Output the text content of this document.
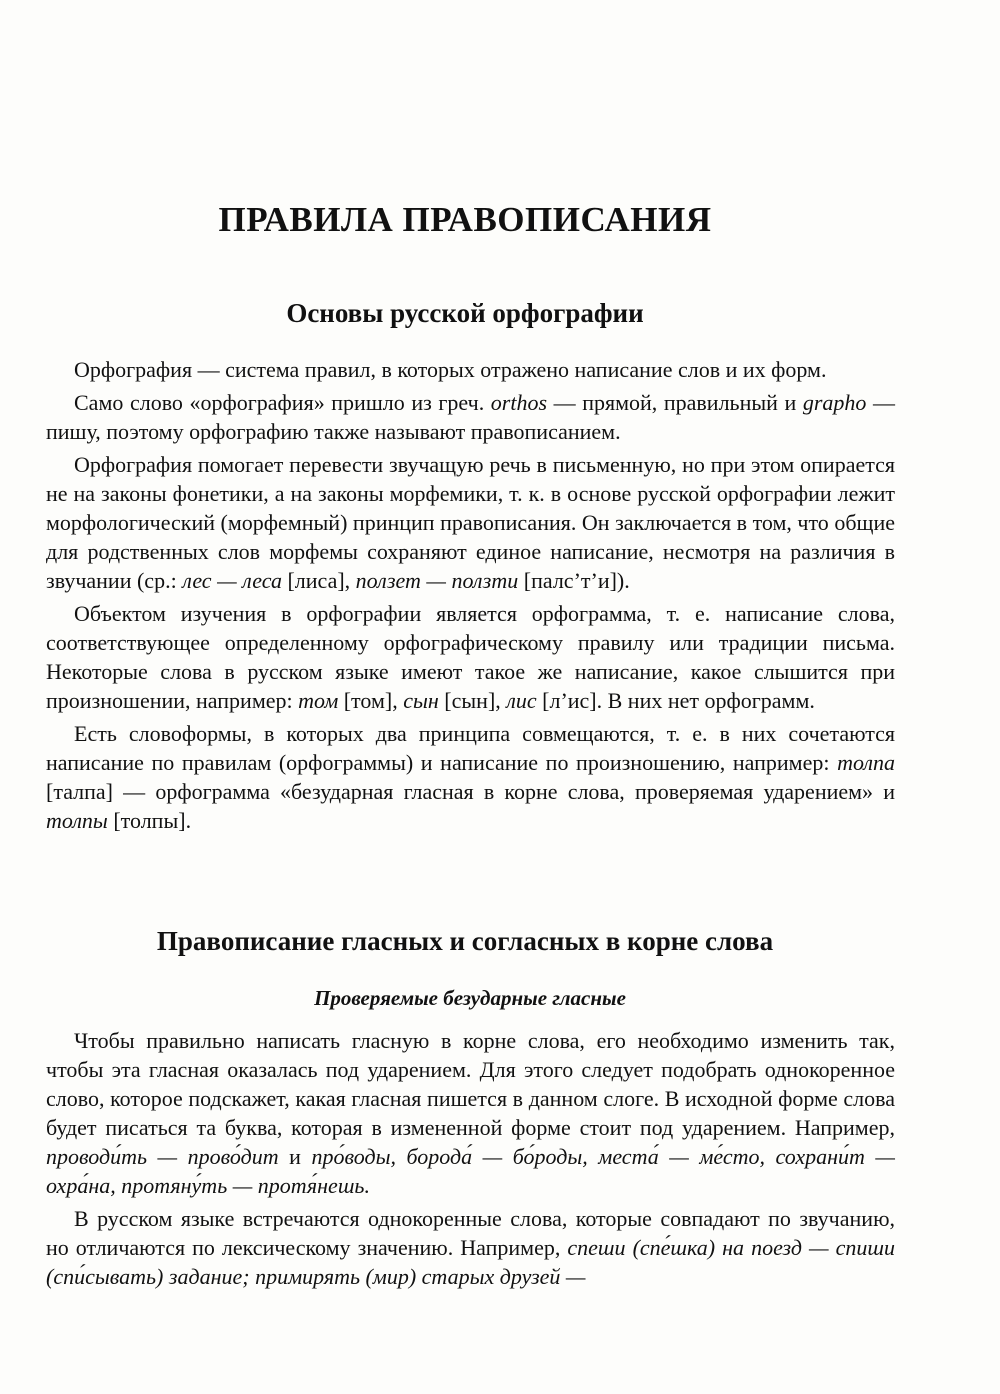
ПРАВИЛА ПРАВОПИСАНИЯ
Основы русской орфографии

Орфография — система правил, в которых отражено написание слов и их форм.

Само слово «орфография» пришло из греч. orthos — прямой, правильный и grapho — пишу, поэтому орфографию также называют правописанием.

Орфография помогает перевести звучащую речь в письменную, но при этом опирается не на законы фонетики, а на законы морфемики, т. к. в основе русской орфографии лежит морфологический (морфемный) принцип правописания. Он заключается в том, что общие для родственных слов морфемы сохраняют единое написание, несмотря на различия в звучании (ср.: лес — леса [лиса], ползет — ползти [палс’т’и]).

Объектом изучения в орфографии является орфограмма, т. е. написание слова, соответствующее определенному орфографическому правилу или традиции письма. Некоторые слова в русском языке имеют такое же написание, какое слышится при произношении, например: том [том], сын [сын], лис [л’ис]. В них нет орфограмм.

Есть словоформы, в которых два принципа совмещаются, т. е. в них сочетаются написание по правилам (орфограммы) и написание по произношению, например: толпа [талпа] — орфограмма «безударная гласная в корне слова, проверяемая ударением» и толпы [толпы].

Правописание гласных и согласных в корне слова
Проверяемые безударные гласные

Чтобы правильно написать гласную в корне слова, его необходимо изменить так, чтобы эта гласная оказалась под ударением. Для этого следует подобрать однокоренное слово, которое подскажет, какая гласная пишется в данном слоге. В исходной форме слова будет писаться та буква, которая в измененной форме стоит под ударением. Например, проводи́ть — прово́дит и про́воды, борода́ — бо́роды, места́ — ме́сто, сохрани́т — охра́на, протяну́ть — протя́нешь.

В русском языке встречаются однокоренные слова, которые совпадают по звучанию, но отличаются по лексическому значению. Например, спеши (спе́шка) на поезд — спиши (спи́сывать) задание; примирять (мир) старых друзей —
